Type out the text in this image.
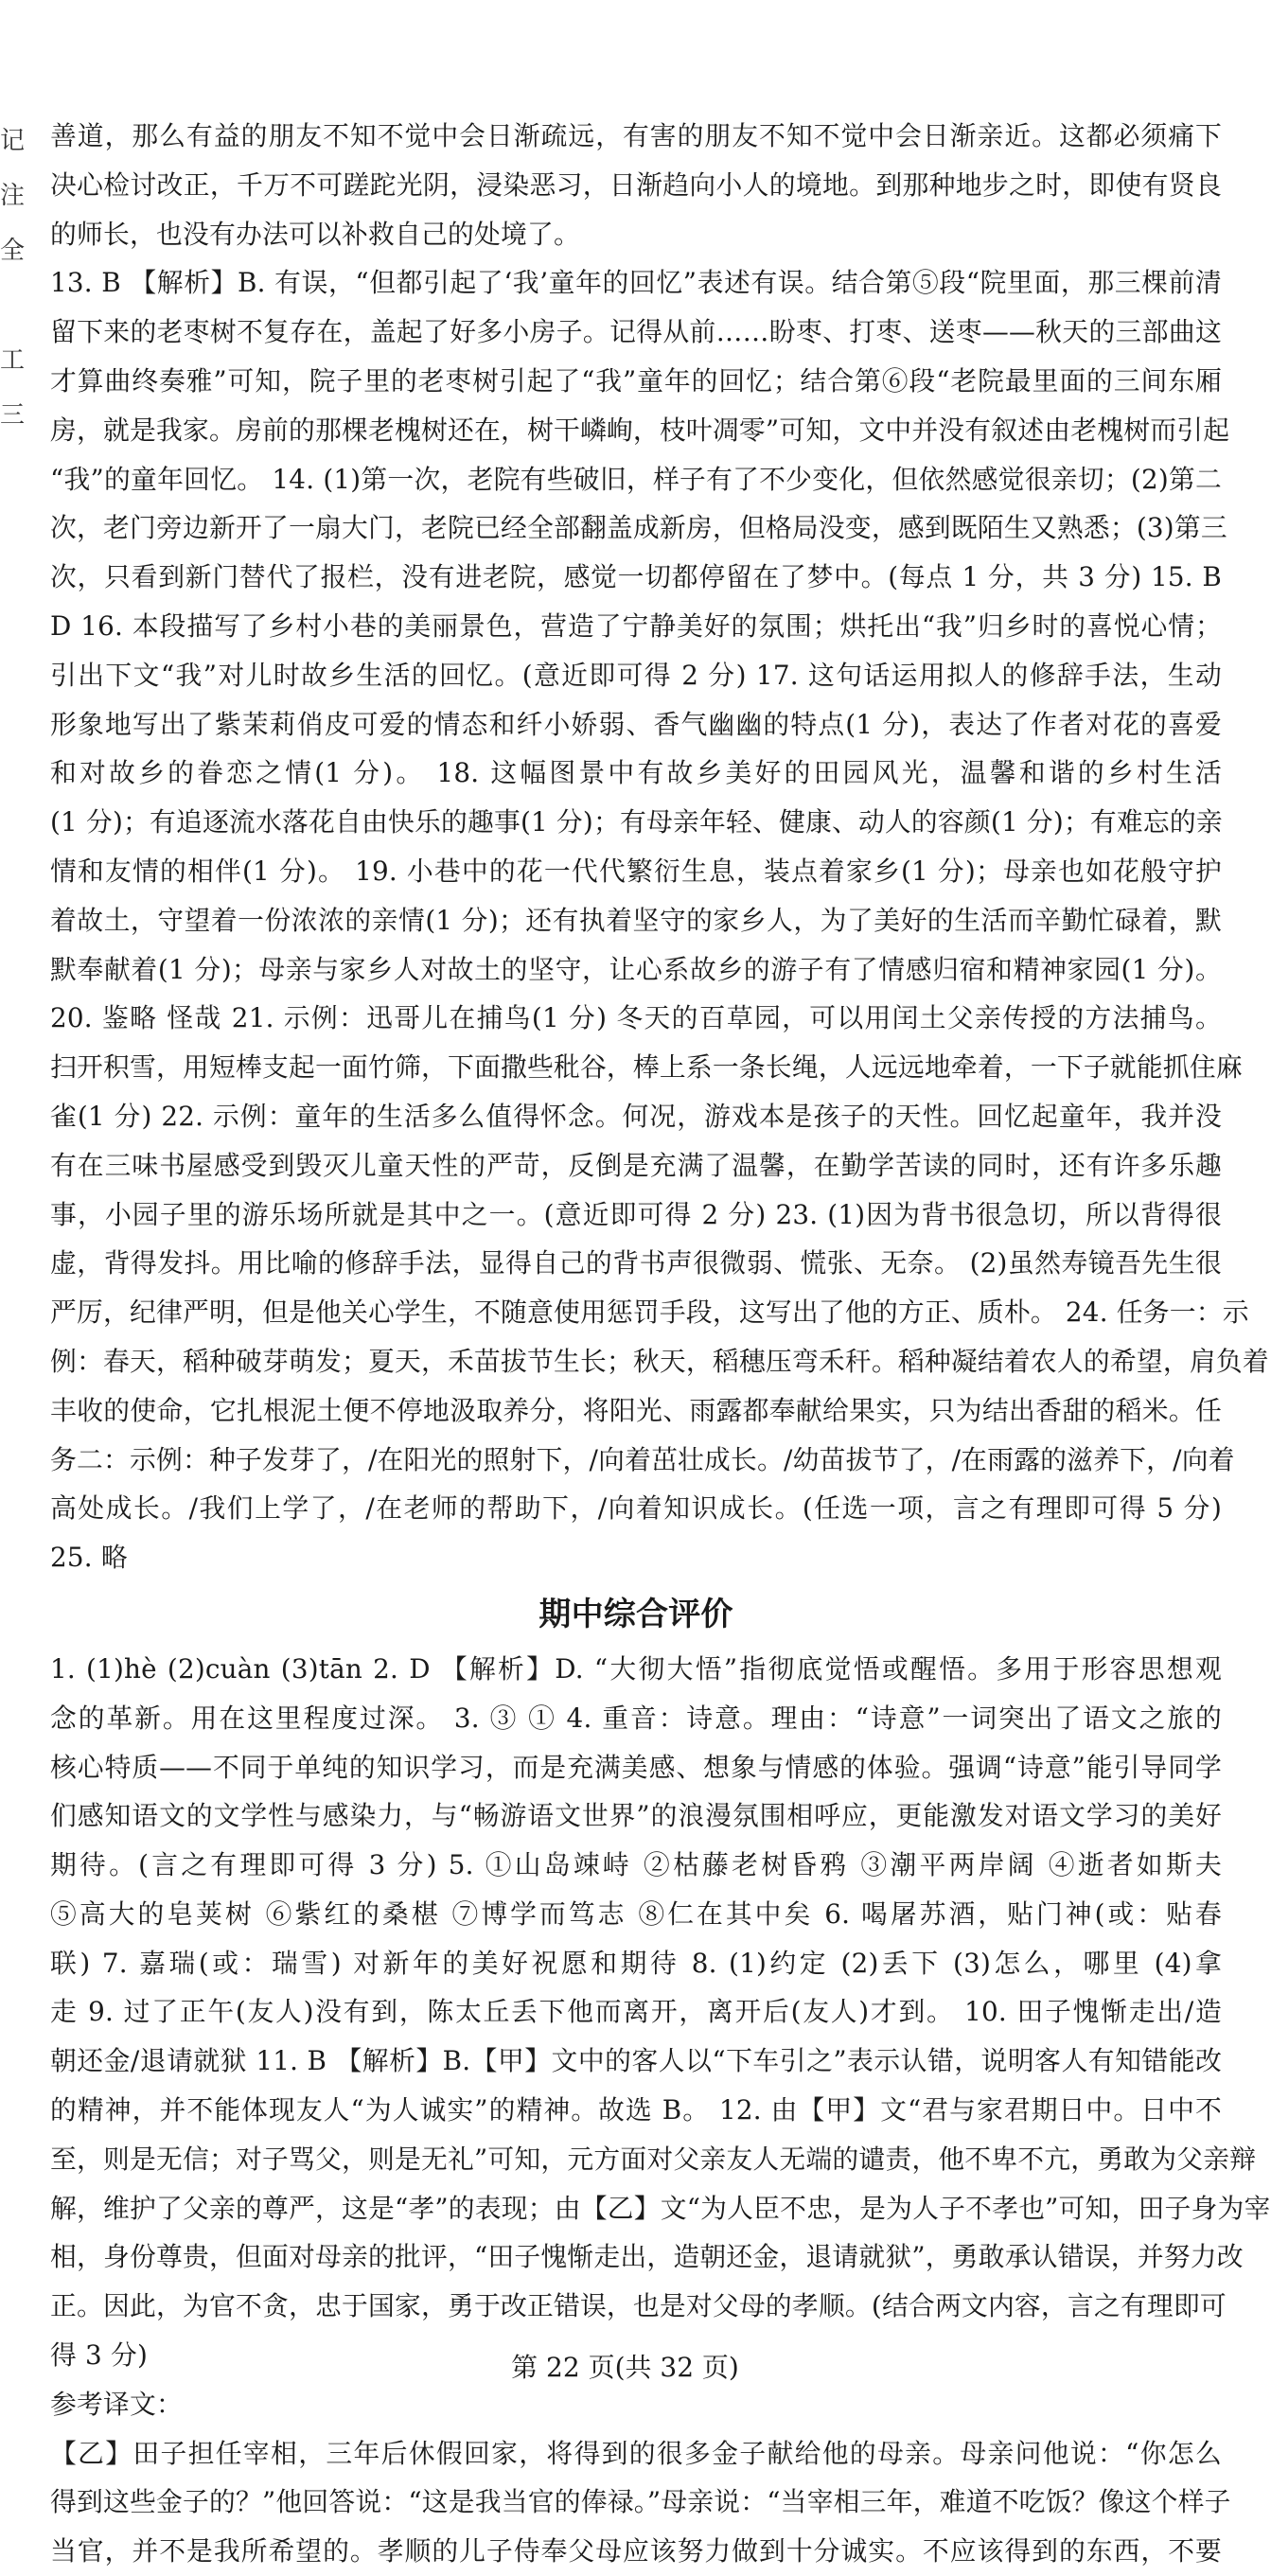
记
注
全

工
三
善道，那么有益的朋友不知不觉中会日渐疏远，有害的朋友不知不觉中会日渐亲近。这都必须痛下
决心检讨改正，千万不可蹉跎光阴，浸染恶习，日渐趋向小人的境地。到那种地步之时，即使有贤良
的师长，也没有办法可以补救自己的处境了。
13. B 【解析】B. 有误，“但都引起了‘我’童年的回忆”表述有误。结合第⑤段“院里面，那三棵前清
留下来的老枣树不复存在，盖起了好多小房子。记得从前……盼枣、打枣、送枣——秋天的三部曲这
才算曲终奏雅”可知，院子里的老枣树引起了“我”童年的回忆；结合第⑥段“老院最里面的三间东厢
房，就是我家。房前的那棵老槐树还在，树干嶙峋，枝叶凋零”可知，文中并没有叙述由老槐树而引起
“我”的童年回忆。 14. (1)第一次，老院有些破旧，样子有了不少变化，但依然感觉很亲切；(2)第二
次，老门旁边新开了一扇大门，老院已经全部翻盖成新房，但格局没变，感到既陌生又熟悉；(3)第三
次，只看到新门替代了报栏，没有进老院，感觉一切都停留在了梦中。(每点 1 分，共 3 分) 15. B
D 16. 本段描写了乡村小巷的美丽景色，营造了宁静美好的氛围；烘托出“我”归乡时的喜悦心情；
引出下文“我”对儿时故乡生活的回忆。(意近即可得 2 分) 17. 这句话运用拟人的修辞手法，生动
形象地写出了紫茉莉俏皮可爱的情态和纤小娇弱、香气幽幽的特点(1 分)，表达了作者对花的喜爱
和对故乡的眷恋之情(1 分)。 18. 这幅图景中有故乡美好的田园风光，温馨和谐的乡村生活
(1 分)；有追逐流水落花自由快乐的趣事(1 分)；有母亲年轻、健康、动人的容颜(1 分)；有难忘的亲
情和友情的相伴(1 分)。 19. 小巷中的花一代代繁衍生息，装点着家乡(1 分)；母亲也如花般守护
着故土，守望着一份浓浓的亲情(1 分)；还有执着坚守的家乡人，为了美好的生活而辛勤忙碌着，默
默奉献着(1 分)；母亲与家乡人对故土的坚守，让心系故乡的游子有了情感归宿和精神家园(1 分)。
20. 鉴略 怪哉 21. 示例：迅哥儿在捕鸟(1 分) 冬天的百草园，可以用闰土父亲传授的方法捕鸟。
扫开积雪，用短棒支起一面竹筛，下面撒些秕谷，棒上系一条长绳，人远远地牵着，一下子就能抓住麻
雀(1 分) 22. 示例：童年的生活多么值得怀念。何况，游戏本是孩子的天性。回忆起童年，我并没
有在三味书屋感受到毁灭儿童天性的严苛，反倒是充满了温馨，在勤学苦读的同时，还有许多乐趣
事，小园子里的游乐场所就是其中之一。(意近即可得 2 分) 23. (1)因为背书很急切，所以背得很
虚，背得发抖。用比喻的修辞手法，显得自己的背书声很微弱、慌张、无奈。 (2)虽然寿镜吾先生很
严厉，纪律严明，但是他关心学生，不随意使用惩罚手段，这写出了他的方正、质朴。 24. 任务一：示
例：春天，稻种破芽萌发；夏天，禾苗拔节生长；秋天，稻穗压弯禾秆。稻种凝结着农人的希望，肩负着
丰收的使命，它扎根泥土便不停地汲取养分，将阳光、雨露都奉献给果实，只为结出香甜的稻米。任
务二：示例：种子发芽了，/在阳光的照射下，/向着茁壮成长。/幼苗拔节了，/在雨露的滋养下，/向着
高处成长。/我们上学了，/在老师的帮助下，/向着知识成长。(任选一项，言之有理即可得 5 分)
25. 略
期中综合评价
1. (1)hè (2)cuàn (3)tān 2. D 【解析】D. “大彻大悟”指彻底觉悟或醒悟。多用于形容思想观
念的革新。用在这里程度过深。 3. ③ ① 4. 重音：诗意。理由：“诗意”一词突出了语文之旅的
核心特质——不同于单纯的知识学习，而是充满美感、想象与情感的体验。强调“诗意”能引导同学
们感知语文的文学性与感染力，与“畅游语文世界”的浪漫氛围相呼应，更能激发对语文学习的美好
期待。(言之有理即可得 3 分) 5. ①山岛竦峙 ②枯藤老树昏鸦 ③潮平两岸阔 ④逝者如斯夫
⑤高大的皂荚树 ⑥紫红的桑椹 ⑦博学而笃志 ⑧仁在其中矣 6. 喝屠苏酒，贴门神(或：贴春
联) 7. 嘉瑞(或：瑞雪) 对新年的美好祝愿和期待 8. (1)约定 (2)丢下 (3)怎么，哪里 (4)拿
走 9. 过了正午(友人)没有到，陈太丘丢下他而离开，离开后(友人)才到。 10. 田子愧惭走出/造
朝还金/退请就狱 11. B 【解析】B.【甲】文中的客人以“下车引之”表示认错，说明客人有知错能改
的精神，并不能体现友人“为人诚实”的精神。故选 B。 12. 由【甲】文“君与家君期日中。日中不
至，则是无信；对子骂父，则是无礼”可知，元方面对父亲友人无端的谴责，他不卑不亢，勇敢为父亲辩
解，维护了父亲的尊严，这是“孝”的表现；由【乙】文“为人臣不忠，是为人子不孝也”可知，田子身为宰
相，身份尊贵，但面对母亲的批评，“田子愧惭走出，造朝还金，退请就狱”，勇敢承认错误，并努力改
正。因此，为官不贪，忠于国家，勇于改正错误，也是对父母的孝顺。(结合两文内容，言之有理即可
得 3 分)
参考译文：
【乙】田子担任宰相，三年后休假回家，将得到的很多金子献给他的母亲。母亲问他说：“你怎么
得到这些金子的？”他回答说：“这是我当官的俸禄。”母亲说：“当宰相三年，难道不吃饭？像这个样子
当官，并不是我所希望的。孝顺的儿子侍奉父母应该努力做到十分诚实。不应该得到的东西，不要
第 22 页(共 32 页)
